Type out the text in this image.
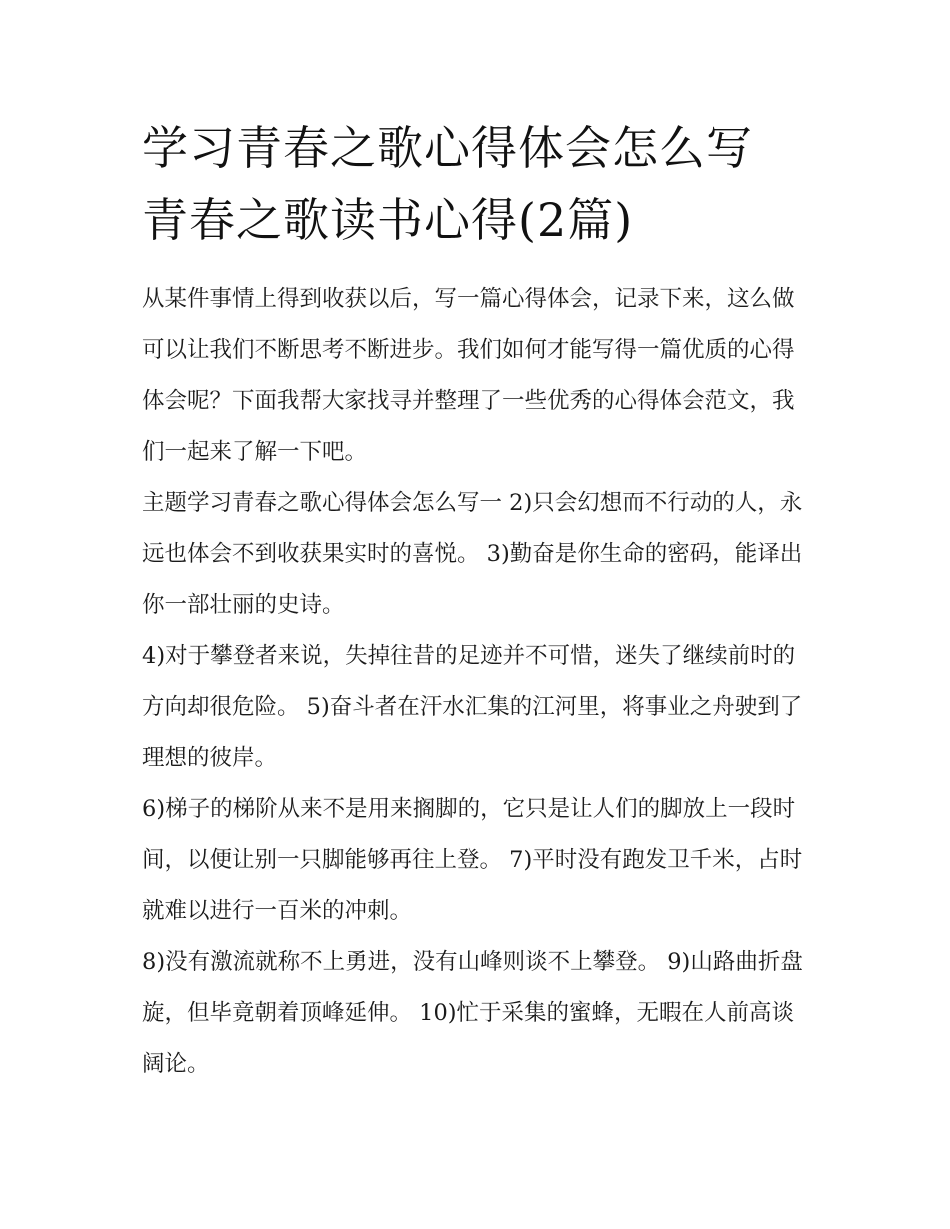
学习青春之歌心得体会怎么写
青春之歌读书心得(2篇)

从某件事情上得到收获以后，写一篇心得体会，记录下来，这么做可以让我们不断思考不断进步。我们如何才能写得一篇优质的心得体会呢？下面我帮大家找寻并整理了一些优秀的心得体会范文，我们一起来了解一下吧。

主题学习青春之歌心得体会怎么写一 2)只会幻想而不行动的人，永远也体会不到收获果实时的喜悦。 3)勤奋是你生命的密码，能译出你一部壮丽的史诗。

4)对于攀登者来说，失掉往昔的足迹并不可惜，迷失了继续前时的方向却很危险。 5)奋斗者在汗水汇集的江河里，将事业之舟驶到了理想的彼岸。

6)梯子的梯阶从来不是用来搁脚的，它只是让人们的脚放上一段时间，以便让别一只脚能够再往上登。 7)平时没有跑发卫千米，占时就难以进行一百米的冲刺。

8)没有激流就称不上勇进，没有山峰则谈不上攀登。 9)山路曲折盘旋，但毕竟朝着顶峰延伸。 10)忙于采集的蜜蜂，无暇在人前高谈阔论。
